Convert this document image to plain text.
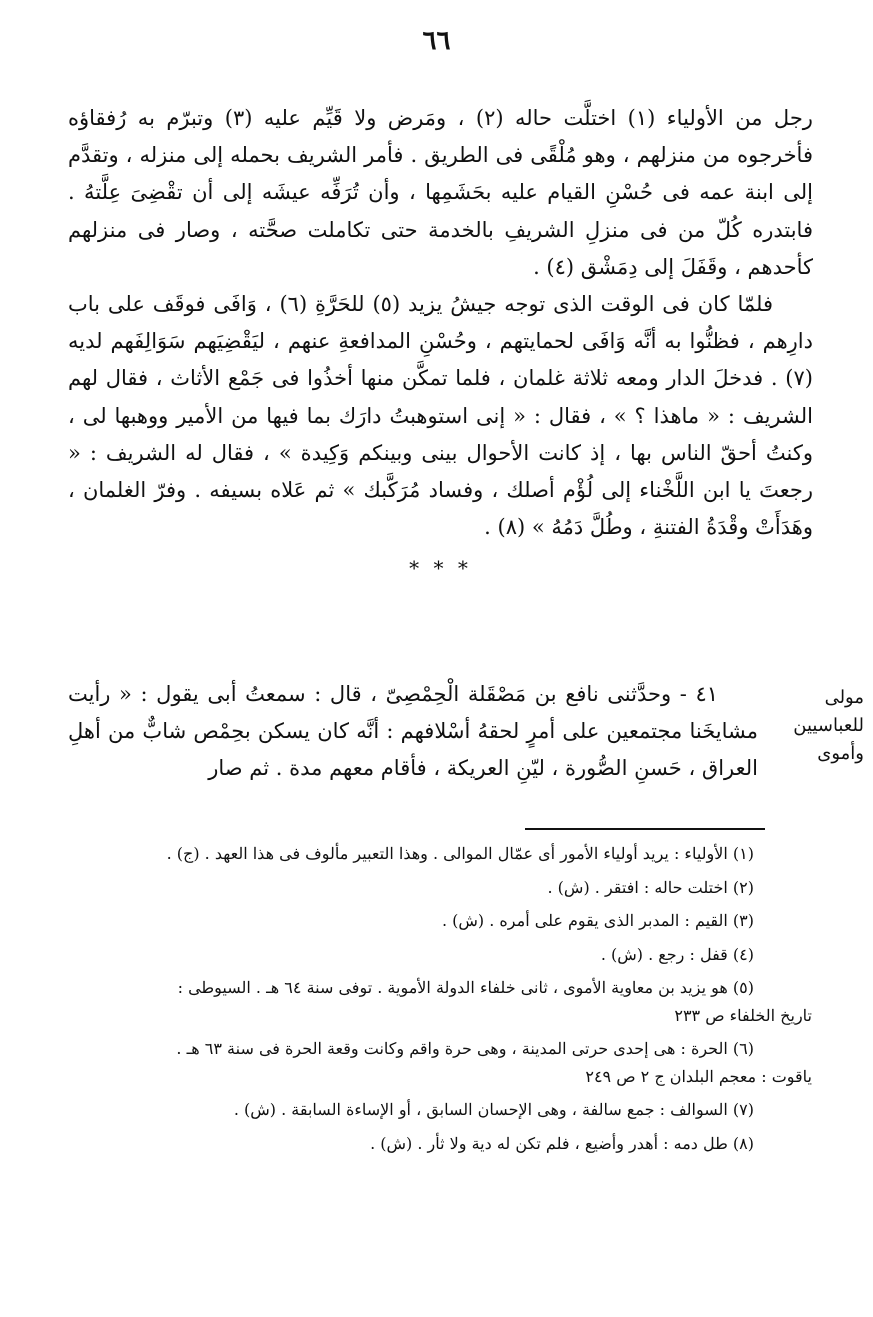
٦٦

رجل من الأولياء (١) اختلَّت حاله (٢) ، ومَرض ولا قَيِّم عليه (٣) وتبرّم به رُفقاؤه فأخرجوه من منزلهم ، وهو مُلْقًى فى الطريق . فأمر الشريف بحمله إلى منزله ، وتقدَّم إلى ابنة عمه فى حُسْنِ القيام عليه بحَشَمِها ، وأن تُرَفِّه عيشَه إلى أن تقْضِىَ عِلَّتهُ . فابتدره كُلّ من فى منزلِ الشريفِ بالخدمة حتى تكاملت صحَّته ، وصار فى منزلهم كأحدهم ، وقَفَلَ إلى دِمَشْق (٤) .

فلمّا كان فى الوقت الذى توجه جيشُ يزيد (٥) للحَرَّةِ (٦) ، وَافَى فوقَف على باب دارِهم ، فظنُّوا به أنَّه وَافَى لحمايتهم ، وحُسْنِ المدافعةِ عنهم ، ليَقْضِيَهم سَوَالِفَهم لديه (٧) . فدخلَ الدار ومعه ثلاثة غلمان ، فلما تمكَّن منها أخذُوا فى جَمْع الأثاث ، فقال لهم الشريف : « ماهذا ؟ » ، فقال : « إنى استوهبتُ دارَك بما فيها من الأمير ووهبها لى ، وكنتُ أحقّ الناس بها ، إذ كانت الأحوال بينى وبينكم وَكِيدة » ، فقال له الشريف : « رجعتَ يا ابن اللَّخْناء إلى لُؤْم أصلك ، وفساد مُرَكَّبك » ثم عَلاه بسيفه . وفرّ الغلمان ، وهَدَأَتْ وقْدَةُ الفتنةِ ، وطُلَّ دَمُهُ » (٨) .

* * *
مولى للعباسيين وأموى

٤١ - وحدَّثنى نافع بن مَصْقَلة الْحِمْصِىّ ، قال : سمعتُ أبى يقول : « رأيت مشايخَنا مجتمعين على أمرٍ لحقهُ أسْلافهم : أنَّه كان يسكن بحِمْص شابٌّ من أهلِ العراق ، حَسنِ الصُّورة ، ليّنِ العريكة ، فأقام معهم مدة . ثم صار

(١) الأولياء : يريد أولياء الأمور أى عمّال الموالى . وهذا التعبير مألوف فى هذا العهد . (ج) .

(٢) اختلت حاله : افتقر . (ش) .

(٣) القيم : المدبر الذى يقوم على أمره . (ش) .

(٤) قفل : رجع . (ش) .

(٥) هو يزيد بن معاوية الأموى ، ثانى خلفاء الدولة الأموية . توفى سنة ٦٤ هـ . السيوطى :

تاريخ الخلفاء ص ٢٣٣

(٦) الحرة : هى إحدى حرتى المدينة ، وهى حرة واقم وكانت وقعة الحرة فى سنة ٦٣ هـ .

ياقوت : معجم البلدان ج ٢ ص ٢٤٩

(٧) السوالف : جمع سالفة ، وهى الإحسان السابق ، أو الإساءة السابقة . (ش) .

(٨) طل دمه : أهدر وأضيع ، فلم تكن له دية ولا ثأر . (ش) .
